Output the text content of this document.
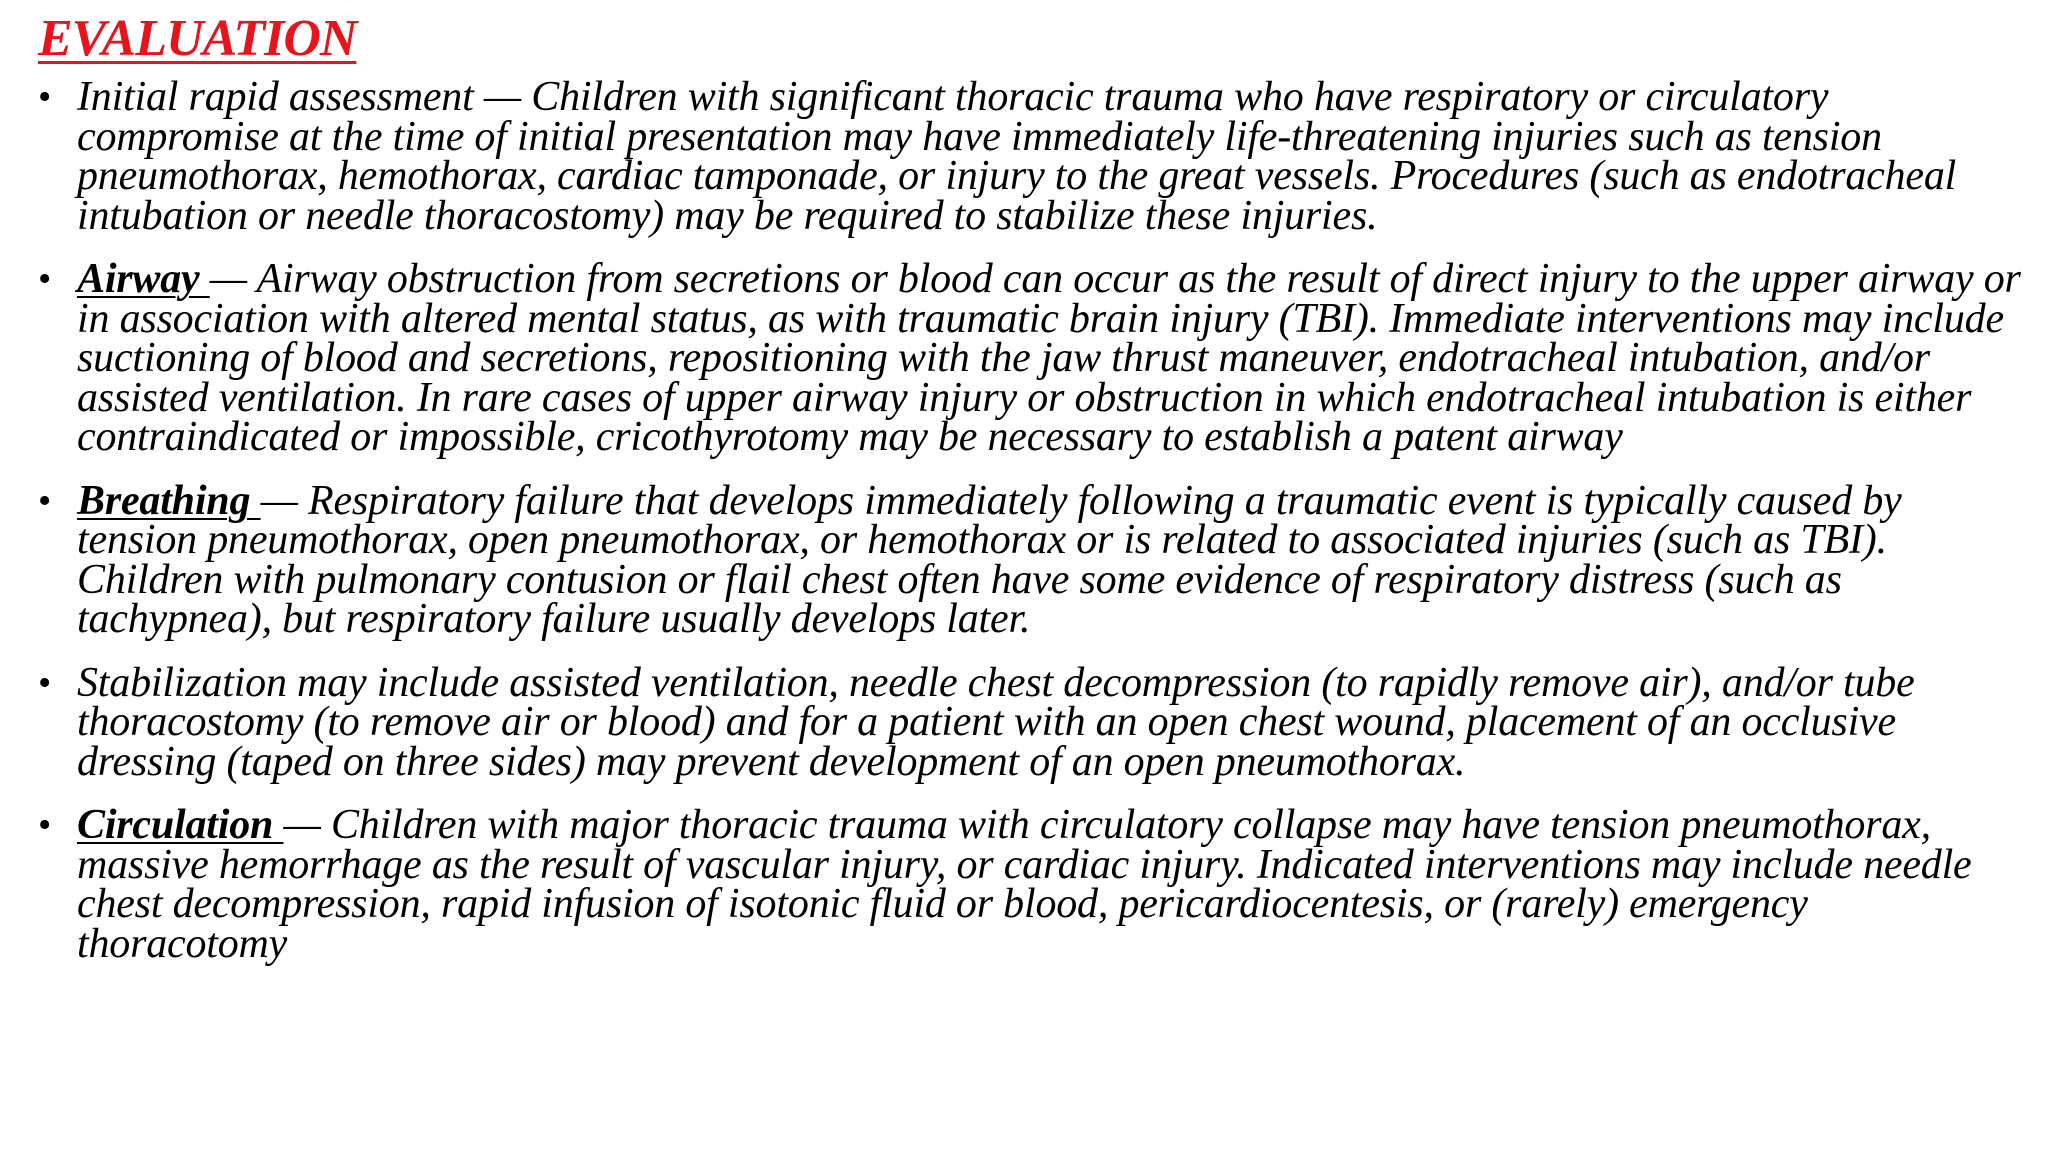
EVALUATION
• Initial rapid assessment — Children with significant thoracic trauma who have respiratory or circulatory compromise at the time of initial presentation may have immediately life-threatening injuries such as tension pneumothorax, hemothorax, cardiac tamponade, or injury to the great vessels. Procedures (such as endotracheal intubation or needle thoracostomy) may be required to stabilize these injuries.
• Airway — Airway obstruction from secretions or blood can occur as the result of direct injury to the upper airway or in association with altered mental status, as with traumatic brain injury (TBI). Immediate interventions may include suctioning of blood and secretions, repositioning with the jaw thrust maneuver, endotracheal intubation, and/or assisted ventilation. In rare cases of upper airway injury or obstruction in which endotracheal intubation is either contraindicated or impossible, cricothyrotomy may be necessary to establish a patent airway
• Breathing — Respiratory failure that develops immediately following a traumatic event is typically caused by tension pneumothorax, open pneumothorax, or hemothorax or is related to associated injuries (such as TBI). Children with pulmonary contusion or flail chest often have some evidence of respiratory distress (such as tachypnea), but respiratory failure usually develops later.
• Stabilization may include assisted ventilation, needle chest decompression (to rapidly remove air), and/or tube thoracostomy (to remove air or blood) and for a patient with an open chest wound, placement of an occlusive dressing (taped on three sides) may prevent development of an open pneumothorax.
• Circulation — Children with major thoracic trauma with circulatory collapse may have tension pneumothorax, massive hemorrhage as the result of vascular injury, or cardiac injury. Indicated interventions may include needle chest decompression, rapid infusion of isotonic fluid or blood, pericardiocentesis, or (rarely) emergency thoracotomy
